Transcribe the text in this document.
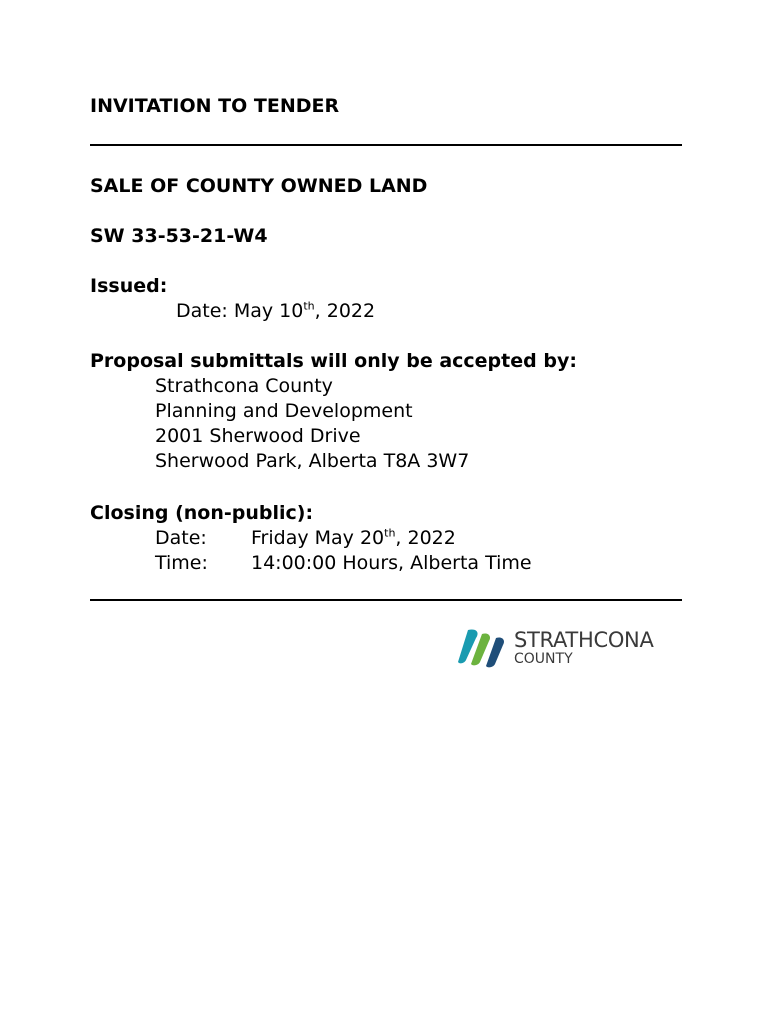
INVITATION TO TENDER
SALE OF COUNTY OWNED LAND
SW 33-53-21-W4
Issued:
Date: May 10th, 2022
Proposal submittals will only be accepted by:
Strathcona County
Planning and Development
2001 Sherwood Drive
Sherwood Park, Alberta T8A 3W7
Closing (non-public):
Date: Friday May 20th, 2022
Time: 14:00:00 Hours, Alberta Time
STRATHCONA
COUNTY
